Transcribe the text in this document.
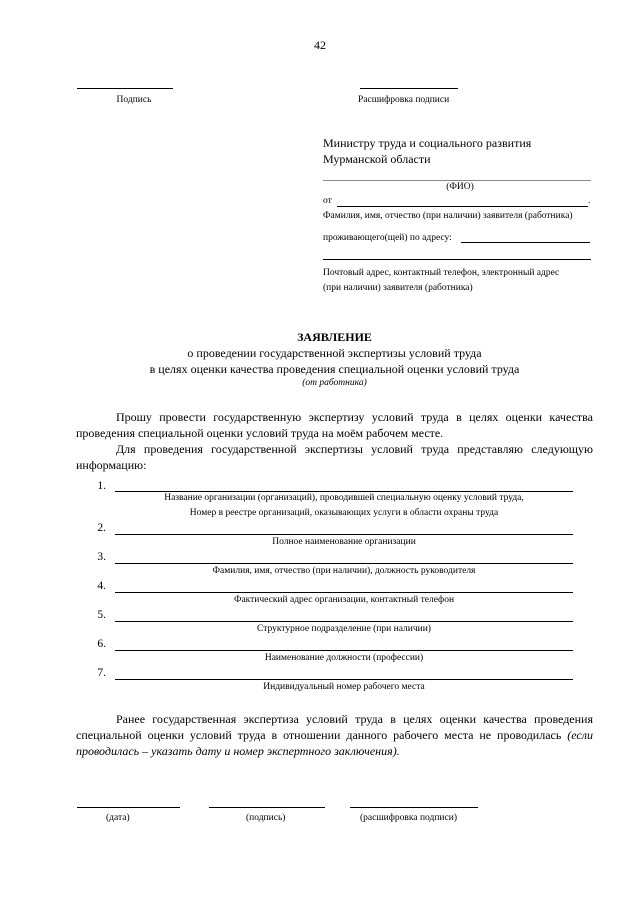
42
Подпись	Расшифровка подписи
Министру труда и социального развития
Мурманской области
(ФИО)
от	.
Фамилия, имя, отчество (при наличии) заявителя (работника)
проживающего(щей) по адресу:
Почтовый адрес, контактный телефон, электронный адрес
(при наличии) заявителя (работника)
ЗАЯВЛЕНИЕ
о проведении государственной экспертизы условий труда
в целях оценки качества проведения специальной оценки условий труда
(от работника)
Прошу провести государственную экспертизу условий труда в целях оценки качества проведения специальной оценки условий труда на моём рабочем месте.
Для проведения государственной экспертизы условий труда представляю следующую информацию:
1.
Название организации (организаций), проводившей специальную оценку условий труда,
Номер в реестре организаций, оказывающих услуги в области охраны труда
2.
Полное наименование организации
3.
Фамилия, имя, отчество (при наличии), должность руководителя
4.
Фактический адрес организации, контактный телефон
5.
Структурное подразделение (при наличии)
6.
Наименование должности (профессии)
7.
Индивидуальный номер рабочего места
Ранее государственная экспертиза условий труда в целях оценки качества проведения специальной оценки условий труда в отношении данного рабочего места не проводилась (если проводилась – указать дату и номер экспертного заключения).
(дата)	(подпись)	(расшифровка подписи)
